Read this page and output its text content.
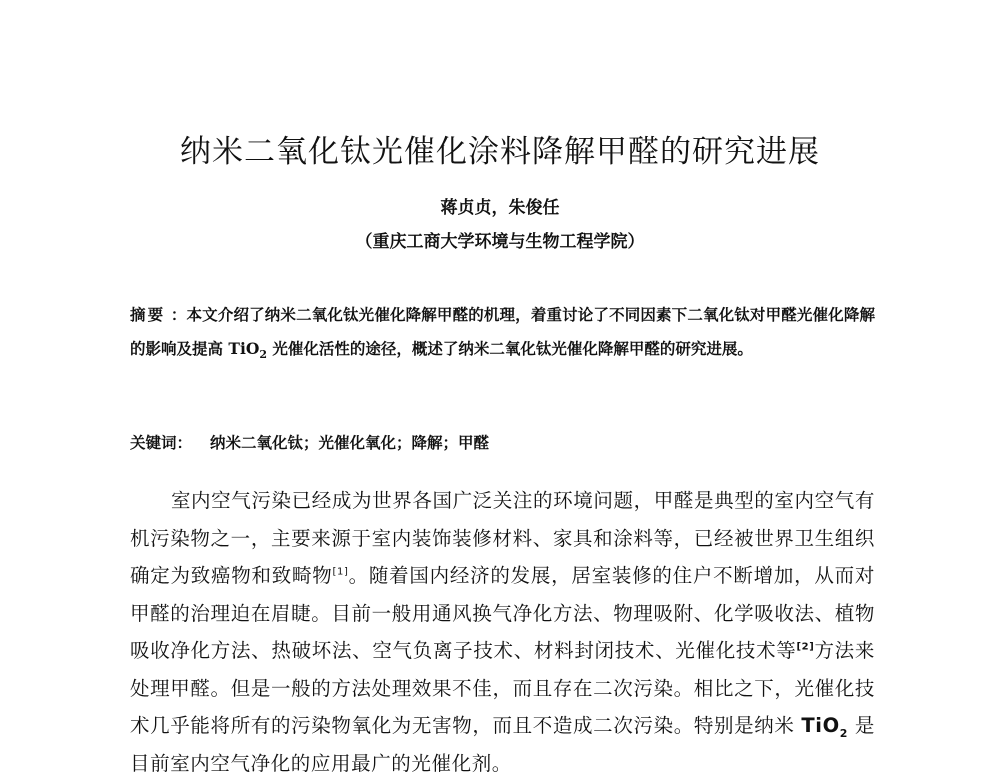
纳米二氧化钛光催化涂料降解甲醛的研究进展
蒋贞贞，朱俊任
（重庆工商大学环境与生物工程学院）
摘要 ：本文介绍了纳米二氧化钛光催化降解甲醛的机理，着重讨论了不同因素下二氧化钛对甲醛光催化降解的影响及提高 TiO$_2$ 光催化活性的途径，概述了纳米二氧化钛光催化降解甲醛的研究进展。
关键词： 纳米二氧化钛；光催化氧化；降解；甲醛
室内空气污染已经成为世界各国广泛关注的环境问题，甲醛是典型的室内空气有机污染物之一，主要来源于室内装饰装修材料、家具和涂料等，已经被世界卫生组织确定为致癌物和致畸物[1]。随着国内经济的发展，居室装修的住户不断增加，从而对甲醛的治理迫在眉睫。目前一般用通风换气净化方法、物理吸附、化学吸收法、植物吸收净化方法、热破坏法、空气负离子技术、材料封闭技术、光催化技术等[2]方法来处理甲醛。但是一般的方法处理效果不佳，而且存在二次污染。相比之下，光催化技术几乎能将所有的污染物氧化为无害物，而且不造成二次污染。特别是纳米 TiO$_2$ 是目前室内空气净化的应用最广的光催化剂。
